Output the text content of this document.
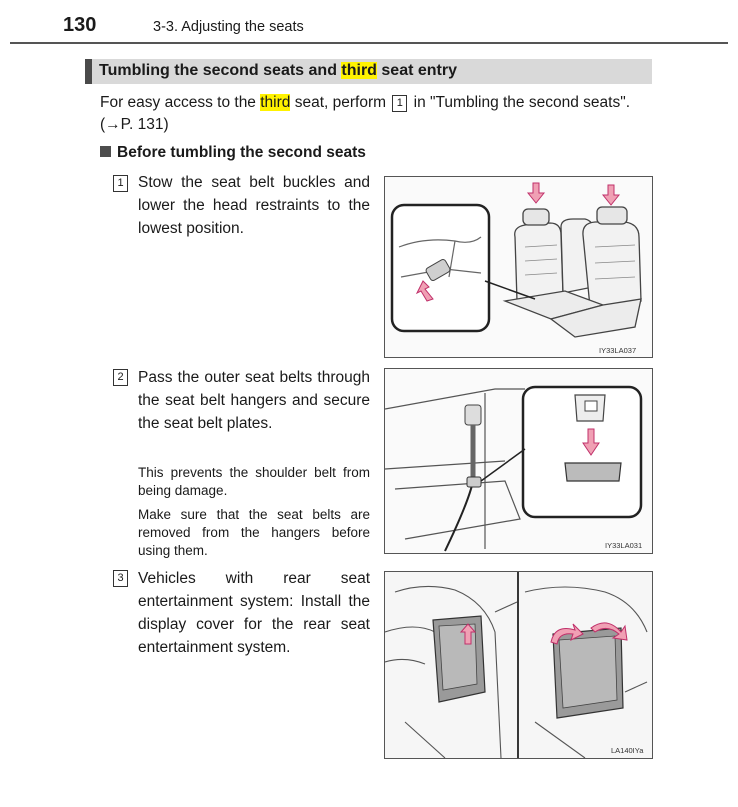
130	3-3. Adjusting the seats
Tumbling the second seats and third seat entry
For easy access to the third seat, perform 1 in "Tumbling the second seats". (→P. 131)
Before tumbling the second seats
1 Stow the seat belt buckles and lower the head restraints to the lowest position.
IY33LA037
2 Pass the outer seat belts through the seat belt hangers and secure the seat belt plates.
This prevents the shoulder belt from being damage.
Make sure that the seat belts are removed from the hangers before using them.	IY33LA031
3 Vehicles with rear seat entertainment system: Install the display cover for the rear seat entertainment system.
LA140IYa
